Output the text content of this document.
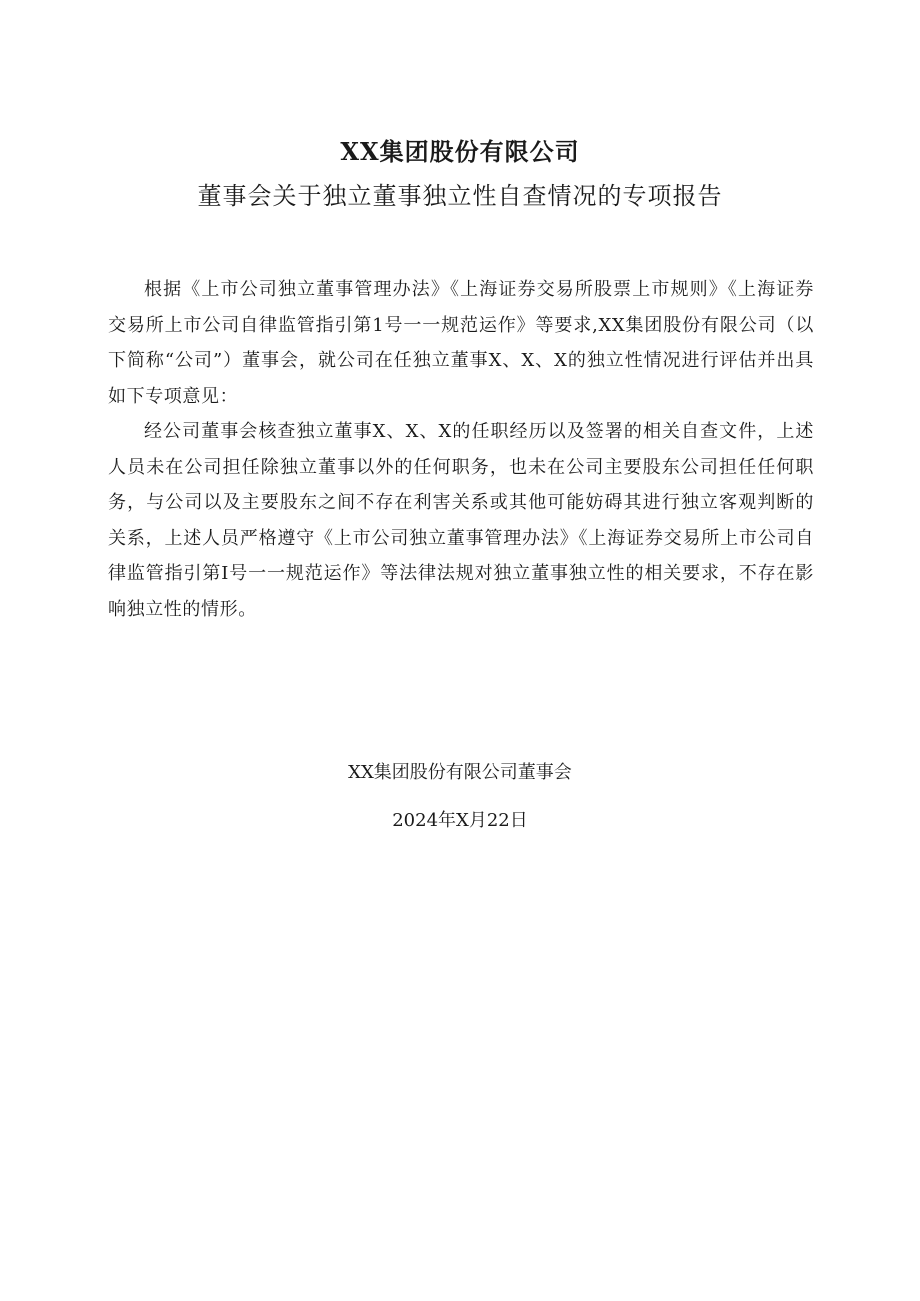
XX集团股份有限公司
董事会关于独立董事独立性自查情况的专项报告

根据《上市公司独立董事管理办法》《上海证券交易所股票上市规则》《上海证券交易所上市公司自律监管指引第1号一一规范运作》等要求,XX集团股份有限公司（以下简称“公司”）董事会，就公司在任独立董事X、X、X的独立性情况进行评估并出具如下专项意见：

经公司董事会核查独立董事X、X、X的任职经历以及签署的相关自查文件，上述人员未在公司担任除独立董事以外的任何职务，也未在公司主要股东公司担任任何职务，与公司以及主要股东之间不存在利害关系或其他可能妨碍其进行独立客观判断的关系，上述人员严格遵守《上市公司独立董事管理办法》《上海证券交易所上市公司自律监管指引第I号一一规范运作》等法律法规对独立董事独立性的相关要求，不存在影响独立性的情形。

XX集团股份有限公司董事会
2024年X月22日
